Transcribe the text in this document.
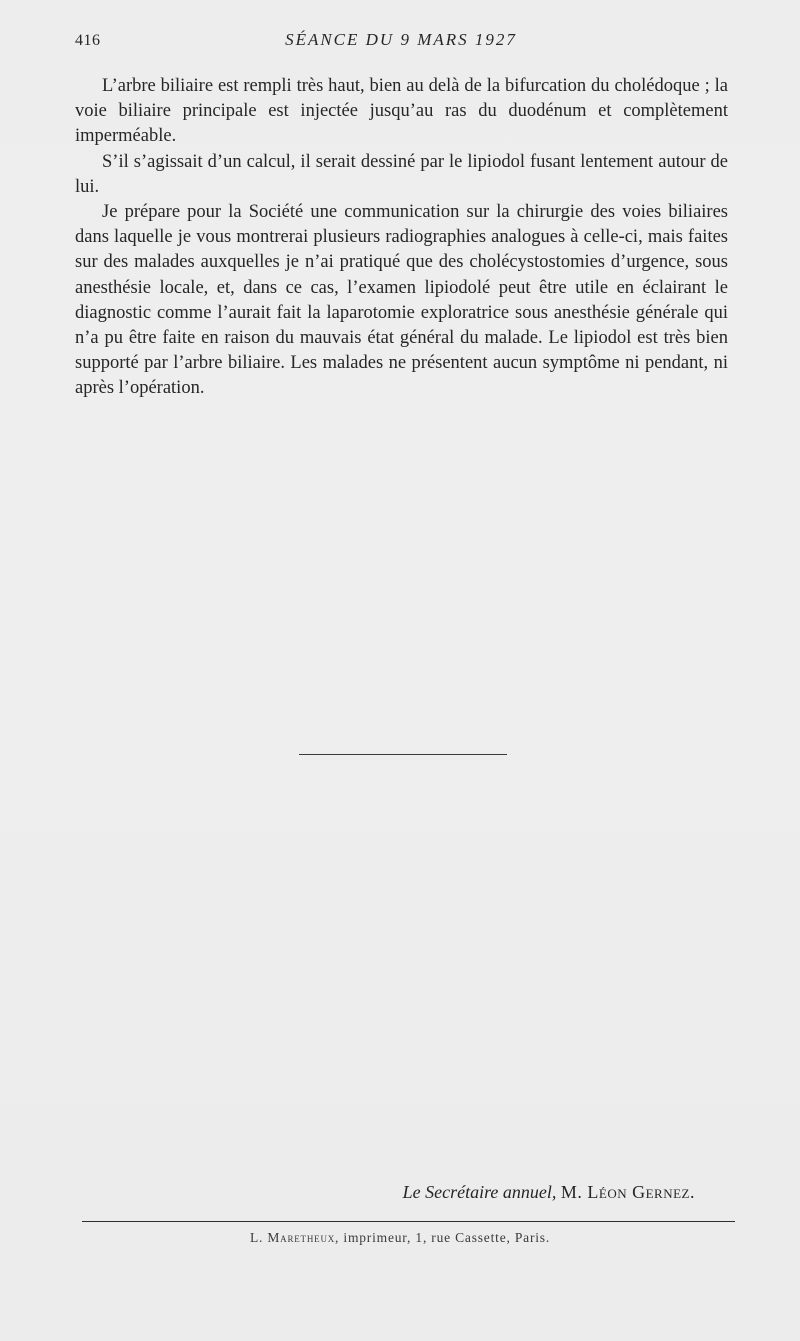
416	SÉANCE DU 9 MARS 1927

L’arbre biliaire est rempli très haut, bien au delà de la bifurcation du cholédoque ; la voie biliaire principale est injectée jusqu’au ras du duodénum et complètement imperméable.

S’il s’agissait d’un calcul, il serait dessiné par le lipiodol fusant lentement autour de lui.

Je prépare pour la Société une communication sur la chirurgie des voies biliaires dans laquelle je vous montrerai plusieurs radiographies analogues à celle-ci, mais faites sur des malades auxquelles je n’ai pratiqué que des cholécystostomies d’urgence, sous anesthésie locale, et, dans ce cas, l’examen lipiodolé peut être utile en éclairant le diagnostic comme l’aurait fait la laparotomie exploratrice sous anesthésie générale qui n’a pu être faite en raison du mauvais état général du malade. Le lipiodol est très bien supporté par l’arbre biliaire. Les malades ne présentent aucun symptôme ni pendant, ni après l’opération.

Le Secrétaire annuel, M. Léon Gernez.
L. Maretheux, imprimeur, 1, rue Cassette, Paris.
